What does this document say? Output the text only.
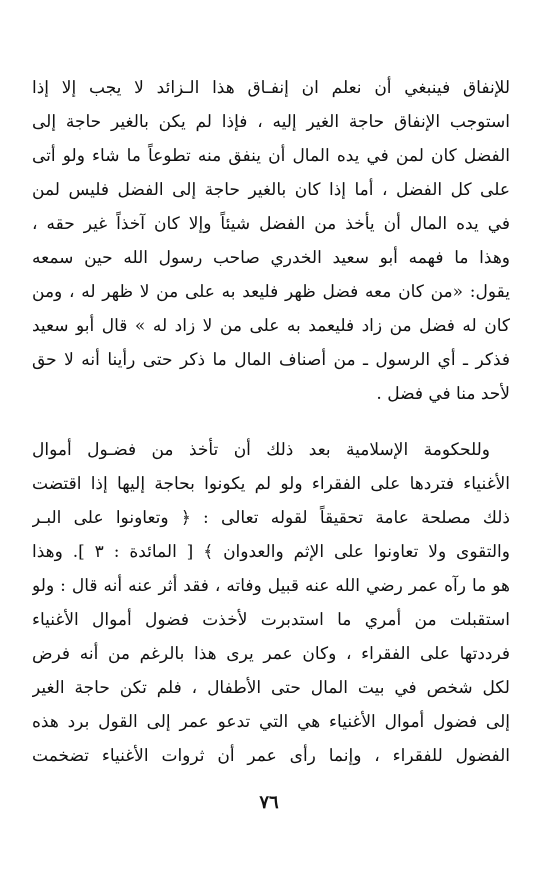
للإنفاق فينبغي أن نعلم ان إنفـاق هذا الـزائد لا يجب إلا إذا
استوجب الإنفاق حاجة الغير إليه ، فإذا لم يكن بالغير حاجة إلى
الفضل كان لمن في يده المال أن ينفق منه تطوعاً ما شاء ولو أتى
على كل الفضل ، أما إذا كان بالغير حاجة إلى الفضل فليس لمن
في يده المال أن يأخذ من الفضل شيئاً وإلا كان آخذاً غير حقه ،
وهذا ما فهمه أبو سعيد الخدري صاحب رسول الله حين سمعه
يقول: «من كان معه فضل ظهر فليعد به على من لا ظهر له ، ومن
كان له فضل من زاد فليعمد به على من لا زاد له » قال أبو سعيد
فذكر ـ أي الرسول ـ من أصناف المال ما ذكر حتى رأينا أنه لا حق
لأحد منا في فضل .
وللحكومة الإسلامية بعد ذلك أن تأخذ من فضـول أموال
الأغنياء فتردها على الفقراء ولو لم يكونوا بحاجة إليها إذا اقتضت
ذلك مصلحة عامة تحقيقاً لقوله تعالى : ﴿ وتعاونوا على البـر
والتقوى ولا تعاونوا على الإثم والعدوان ﴾ [ المائدة : ٣ ]. وهذا
هو ما رآه عمر رضي الله عنه قبيل وفاته ، فقد أثر عنه أنه قال : ولو
استقبلت من أمري ما استدبرت لأخذت فضول أموال الأغنياء
فرددتها على الفقراء ، وكان عمر يرى هذا بالرغم من أنه فرض
لكل شخص في بيت المال حتى الأطفال ، فلم تكن حاجة الغير
إلى فضول أموال الأغنياء هي التي تدعو عمر إلى القول برد هذه
الفضول للفقراء ، وإنما رأى عمر أن ثروات الأغنياء تضخمت
٧٦
